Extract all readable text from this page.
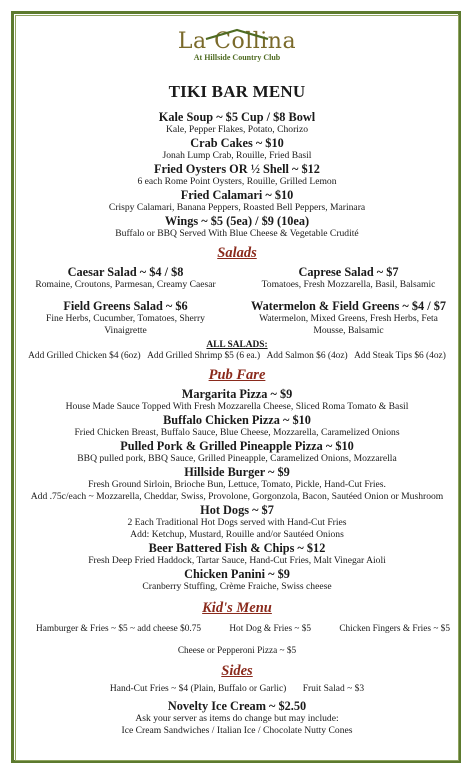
La Collina
At Hillside Country Club
TIKI BAR MENU
Kale Soup ~ $5 Cup / $8 Bowl
Kale, Pepper Flakes, Potato, Chorizo
Crab Cakes ~ $10
Jonah Lump Crab, Rouille, Fried Basil
Fried Oysters OR ½ Shell ~ $12
6 each Rome Point Oysters, Rouille, Grilled Lemon
Fried Calamari ~ $10
Crispy Calamari, Banana Peppers, Roasted Bell Peppers, Marinara
Wings ~ $5 (5ea) / $9 (10ea)
Buffalo or BBQ Served With Blue Cheese & Vegetable Crudité
Salads
Caesar Salad ~ $4 / $8
Romaine, Croutons, Parmesan, Creamy Caesar
Caprese Salad ~ $7
Tomatoes, Fresh Mozzarella, Basil, Balsamic
Field Greens Salad ~ $6
Fine Herbs, Cucumber, Tomatoes, Sherry Vinaigrette
Watermelon & Field Greens ~ $4 / $7
Watermelon, Mixed Greens, Fresh Herbs, Feta Mousse, Balsamic
ALL SALADS:
Add Grilled Chicken $4 (6oz)   Add Grilled Shrimp $5 (6 ea.)   Add Salmon $6 (4oz)   Add Steak Tips $6 (4oz)
Pub Fare
Margarita Pizza ~ $9
House Made Sauce Topped With Fresh Mozzarella Cheese, Sliced Roma Tomato & Basil
Buffalo Chicken Pizza ~ $10
Fried Chicken Breast, Buffalo Sauce, Blue Cheese, Mozzarella, Caramelized Onions
Pulled Pork & Grilled Pineapple Pizza ~ $10
BBQ pulled pork, BBQ Sauce, Grilled Pineapple, Caramelized Onions, Mozzarella
Hillside Burger ~ $9
Fresh Ground Sirloin, Brioche Bun, Lettuce, Tomato, Pickle, Hand-Cut Fries.
Add .75c/each ~ Mozzarella, Cheddar, Swiss, Provolone, Gorgonzola, Bacon, Sautéed Onion or Mushroom
Hot Dogs ~ $7
2 Each Traditional Hot Dogs served with Hand-Cut Fries
Add: Ketchup, Mustard, Rouille and/or Sautéed Onions
Beer Battered Fish & Chips ~ $12
Fresh Deep Fried Haddock, Tartar Sauce, Hand-Cut Fries, Malt Vinegar Aioli
Chicken Panini ~ $9
Cranberry Stuffing, Crème Fraiche, Swiss cheese
Kid's Menu
Hamburger & Fries ~ $5 ~ add cheese $0.75	Hot Dog & Fries ~ $5	Chicken Fingers & Fries ~ $5
Cheese or Pepperoni Pizza ~ $5
Sides
Hand-Cut Fries ~ $4 (Plain, Buffalo or Garlic) Fruit Salad ~ $3
Novelty Ice Cream ~ $2.50
Ask your server as items do change but may include:
Ice Cream Sandwiches / Italian Ice / Chocolate Nutty Cones
